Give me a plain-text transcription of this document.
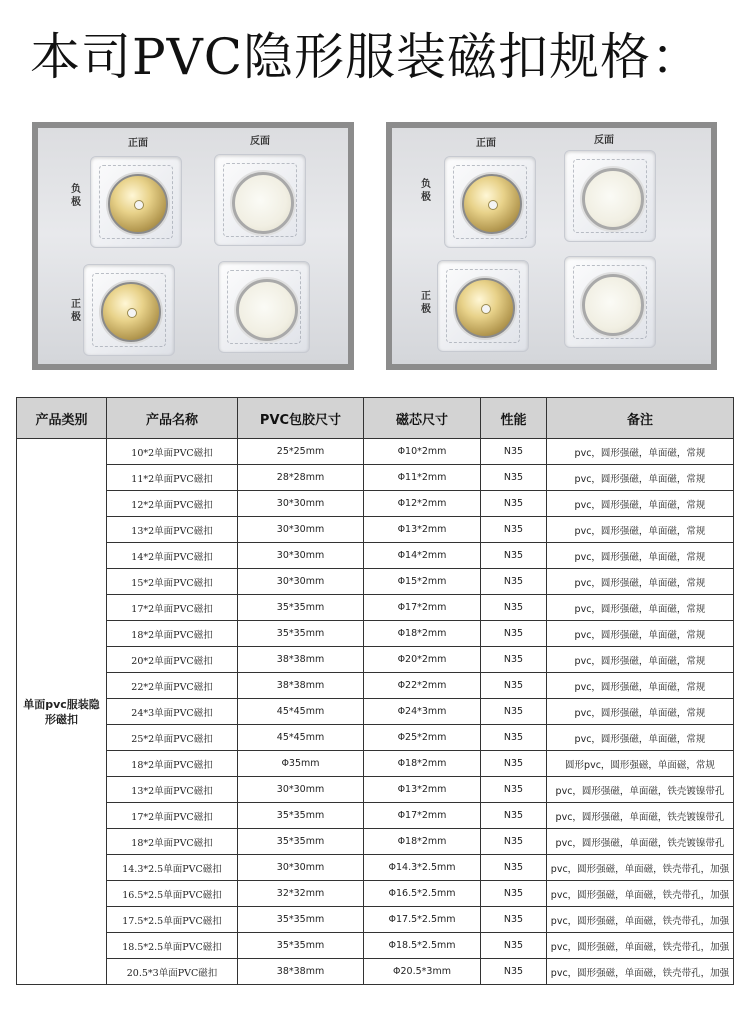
本司PVC隐形服装磁扣规格：
正面	反面
负极
正极
正面	反面
负极
正极
产品类别	产品名称	PVC包胶尺寸	磁芯尺寸	性能	备注
单面pvc服装隐形磁扣	10*2单面PVC磁扣	25*25mm	Φ10*2mm	N35	pvc，圆形强磁，单面磁，常规
	11*2单面PVC磁扣	28*28mm	Φ11*2mm	N35	pvc，圆形强磁，单面磁，常规
	12*2单面PVC磁扣	30*30mm	Φ12*2mm	N35	pvc，圆形强磁，单面磁，常规
	13*2单面PVC磁扣	30*30mm	Φ13*2mm	N35	pvc，圆形强磁，单面磁，常规
	14*2单面PVC磁扣	30*30mm	Φ14*2mm	N35	pvc，圆形强磁，单面磁，常规
	15*2单面PVC磁扣	30*30mm	Φ15*2mm	N35	pvc，圆形强磁，单面磁，常规
	17*2单面PVC磁扣	35*35mm	Φ17*2mm	N35	pvc，圆形强磁，单面磁，常规
	18*2单面PVC磁扣	35*35mm	Φ18*2mm	N35	pvc，圆形强磁，单面磁，常规
	20*2单面PVC磁扣	38*38mm	Φ20*2mm	N35	pvc，圆形强磁，单面磁，常规
	22*2单面PVC磁扣	38*38mm	Φ22*2mm	N35	pvc，圆形强磁，单面磁，常规
	24*3单面PVC磁扣	45*45mm	Φ24*3mm	N35	pvc，圆形强磁，单面磁，常规
	25*2单面PVC磁扣	45*45mm	Φ25*2mm	N35	pvc，圆形强磁，单面磁，常规
	18*2单面PVC磁扣	Φ35mm	Φ18*2mm	N35	圆形pvc，圆形强磁，单面磁，常规
	13*2单面PVC磁扣	30*30mm	Φ13*2mm	N35	pvc，圆形强磁，单面磁，铁壳镀镍带孔
	17*2单面PVC磁扣	35*35mm	Φ17*2mm	N35	pvc，圆形强磁，单面磁，铁壳镀镍带孔
	18*2单面PVC磁扣	35*35mm	Φ18*2mm	N35	pvc，圆形强磁，单面磁，铁壳镀镍带孔
	14.3*2.5单面PVC磁扣	30*30mm	Φ14.3*2.5mm	N35	pvc，圆形强磁，单面磁，铁壳带孔，加强
	16.5*2.5单面PVC磁扣	32*32mm	Φ16.5*2.5mm	N35	pvc，圆形强磁，单面磁，铁壳带孔，加强
	17.5*2.5单面PVC磁扣	35*35mm	Φ17.5*2.5mm	N35	pvc，圆形强磁，单面磁，铁壳带孔，加强
	18.5*2.5单面PVC磁扣	35*35mm	Φ18.5*2.5mm	N35	pvc，圆形强磁，单面磁，铁壳带孔，加强
	20.5*3单面PVC磁扣	38*38mm	Φ20.5*3mm	N35	pvc，圆形强磁，单面磁，铁壳带孔，加强
